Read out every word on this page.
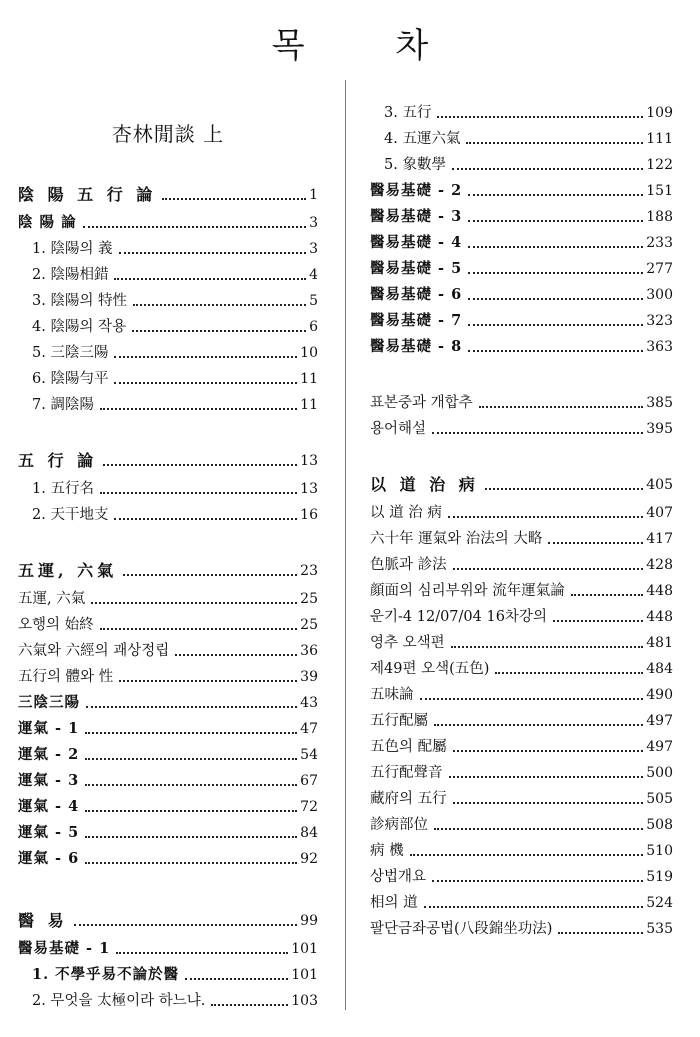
목 차
杏林閒談 上
陰 陽 五 行 論	1
陰 陽 論	3
1. 陰陽의 義	3
2. 陰陽相錯	4
3. 陰陽의 特性	5
4. 陰陽의 작용	6
5. 三陰三陽	10
6. 陰陽勻平	11
7. 調陰陽	11
五 行 論	13
1. 五行名	13
2. 天干地支	16
五運, 六氣	23
五運, 六氣	25
오행의 始終	25
六氣와 六經의 괘상정립	36
五行의 體와 性	39
三陰三陽	43
運氣 - 1	47
運氣 - 2	54
運氣 - 3	67
運氣 - 4	72
運氣 - 5	84
運氣 - 6	92
醫 易	99
醫易基礎 - 1	101
1. 不學乎易不論於醫	101
2. 무엇을 太極이라 하느냐.	103
3. 五行	109
4. 五運六氣	111
5. 象數學	122
醫易基礎 - 2	151
醫易基礎 - 3	188
醫易基礎 - 4	233
醫易基礎 - 5	277
醫易基礎 - 6	300
醫易基礎 - 7	323
醫易基礎 - 8	363
표본중과 개합추	385
용어해설	395
以 道 治 病	405
以 道 治 病	407
六十年 運氣와 治法의 大略	417
色脈과 診法	428
顔面의 심리부위와 流年運氣論	448
운기-4 12/07/04 16차강의	448
영추 오색편	481
제49편 오색(五色)	484
五味論	490
五行配屬	497
五色의 配屬	497
五行配聲音	500
藏府의 五行	505
診病部位	508
病 機	510
상법개요	519
相의 道	524
팔단금좌공법(八段錦坐功法)	535
